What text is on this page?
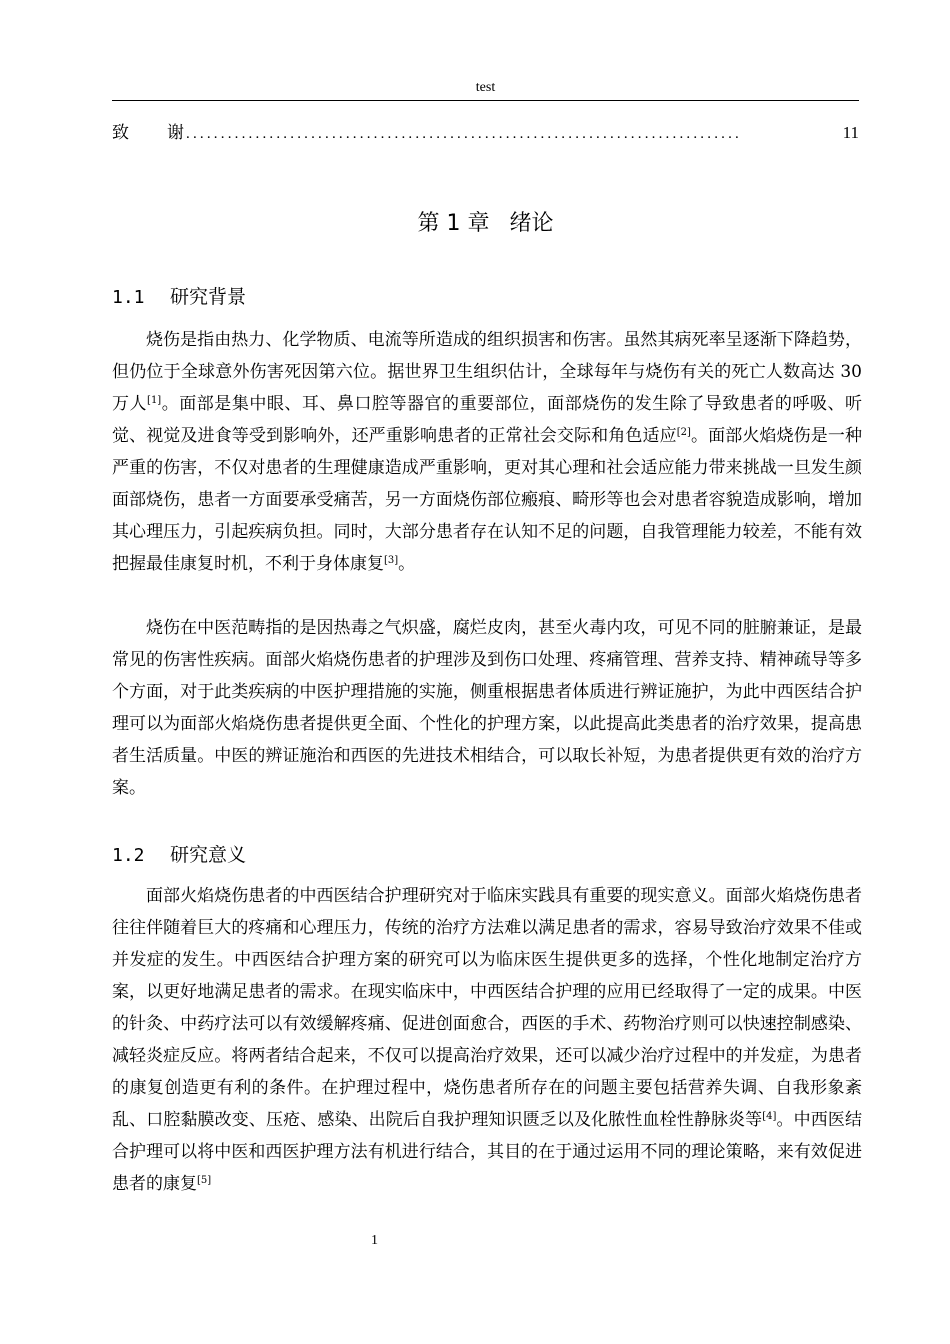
test
致 谢 ................................................................................	11
第 1 章 绪论
1.1 研究背景

烧伤是指由热力、化学物质、电流等所造成的组织损害和伤害。虽然其病死率呈逐渐下降趋势，但仍位于全球意外伤害死因第六位。据世界卫生组织估计，全球每年与烧伤有关的死亡人数高达 30 万人[1]。面部是集中眼、耳、鼻口腔等器官的重要部位，面部烧伤的发生除了导致患者的呼吸、听觉、视觉及进食等受到影响外，还严重影响患者的正常社会交际和角色适应[2]。面部火焰烧伤是一种严重的伤害，不仅对患者的生理健康造成严重影响，更对其心理和社会适应能力带来挑战一旦发生颜面部烧伤，患者一方面要承受痛苦，另一方面烧伤部位瘢痕、畸形等也会对患者容貌造成影响，增加其心理压力，引起疾病负担。同时，大部分患者存在认知不足的问题，自我管理能力较差，不能有效把握最佳康复时机，不利于身体康复[3]。

烧伤在中医范畴指的是因热毒之气炽盛，腐烂皮肉，甚至火毒内攻，可见不同的脏腑兼证，是最常见的伤害性疾病。面部火焰烧伤患者的护理涉及到伤口处理、疼痛管理、营养支持、精神疏导等多个方面，对于此类疾病的中医护理措施的实施，侧重根据患者体质进行辨证施护，为此中西医结合护理可以为面部火焰烧伤患者提供更全面、个性化的护理方案，以此提高此类患者的治疗效果，提高患者生活质量。中医的辨证施治和西医的先进技术相结合，可以取长补短，为患者提供更有效的治疗方案。

1.2 研究意义

面部火焰烧伤患者的中西医结合护理研究对于临床实践具有重要的现实意义。面部火焰烧伤患者往往伴随着巨大的疼痛和心理压力，传统的治疗方法难以满足患者的需求，容易导致治疗效果不佳或并发症的发生。中西医结合护理方案的研究可以为临床医生提供更多的选择，个性化地制定治疗方案，以更好地满足患者的需求。在现实临床中，中西医结合护理的应用已经取得了一定的成果。中医的针灸、中药疗法可以有效缓解疼痛、促进创面愈合，西医的手术、药物治疗则可以快速控制感染、减轻炎症反应。将两者结合起来，不仅可以提高治疗效果，还可以减少治疗过程中的并发症，为患者的康复创造更有利的条件。在护理过程中，烧伤患者所存在的问题主要包括营养失调、自我形象紊乱、口腔黏膜改变、压疮、感染、出院后自我护理知识匮乏以及化脓性血栓性静脉炎等[4]。中西医结合护理可以将中医和西医护理方法有机进行结合，其目的在于通过运用不同的理论策略，来有效促进患者的康复[5]

1
